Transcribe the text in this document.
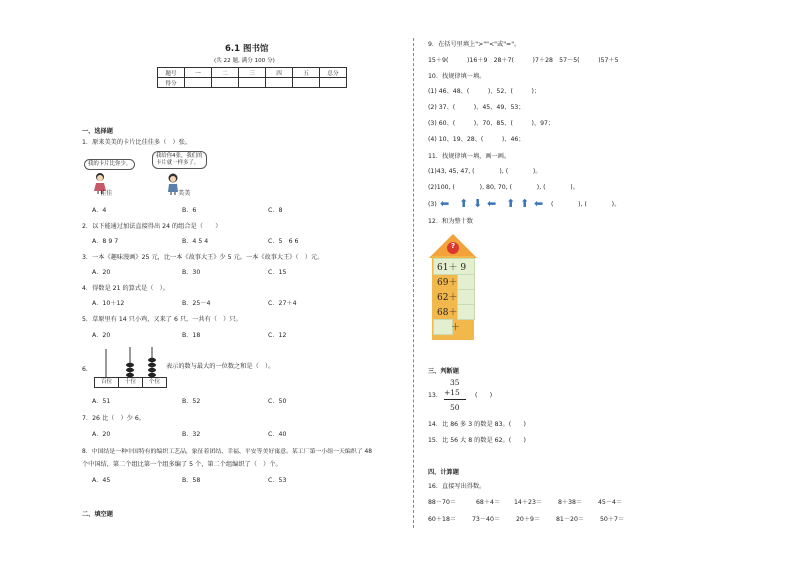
6.1 图书馆
(共 22 题, 满分 100 分)
题号	一	二	三	四	五	总分
得分						
一、选择题
1．原来美美的卡片比佳佳多（　）张。
我的卡片比你少。
我给你4张，我们的
卡片就一样多了。
佳佳	美美
A．4	B．6	C．8
2．以下能通过加法直接得出 24 的组合是（　　）
A．8 9 7	B．4 5 4	C．5　6 6
3．一本《趣味漫画》25 元，比一本《故事大王》少 5 元。一本《故事大王》（　）元。
A．20	B．30	C．15
4．得数是 21 的算式是（　）。
A．10＋12	B．25－4	C．27＋4
5．草原里有 14 只小鸡，又来了 6 只，一共有（　）只。
A．20	B．18	C．12
6．
百位	十位	个位
表示的数与最大的一位数之和是（　）。
A．51	B．52	C．50
7．26 比（　）少 6。
A．20	B．32	C．40
8．中国结是一种中国特有的编织工艺品，象征着团结、幸福、平安等美好寓意。某工厂第一小组一天编织了 48
个中国结，第二个组比第一个组多编了 5 个，第二个组编织了（　）个。
A．45	B．58	C．53
二、填空题
9．在括号里填上">""<"或"="。
15＋9(　　　)16＋9　28＋7(　　　)7＋28　57－5(　　　)57＋5
10．找规律填一填。
(1) 46、48、(　　　)、52、(　　　)；
(2) 37、(　　　)、45、49、53；
(3) 60、(　　　)、70、85、(　　　)、97；
(4) 10、19、28、(　　　)、46；
11．找规律填一填，画一画。
(1)43, 45, 47, (　　　　), (　　　　)。
(2)100, (　　　　), 80, 70, (　　　　), (　　　　)。
(3) ⬅ ⬆ ⬇ ⬅ ⬆ ⬆ ⬅ (　　　　), (　　　　)。
12．和为整十数
?
61＋ 9
69＋
62＋
68＋
＋
三、判断题
13．
35
+15
50
(　　)
14．比 86 多 3 的数是 83。(　　)
15．比 56 大 8 的数是 62。(　　)
四、计算题
16．直接写出得数。
88－70＝	68＋4＝ 14＋23＝	8＋38＝	45－4＝
60＋18＝	73－40＝	20＋9＝	81－20＝	50＋7＝
